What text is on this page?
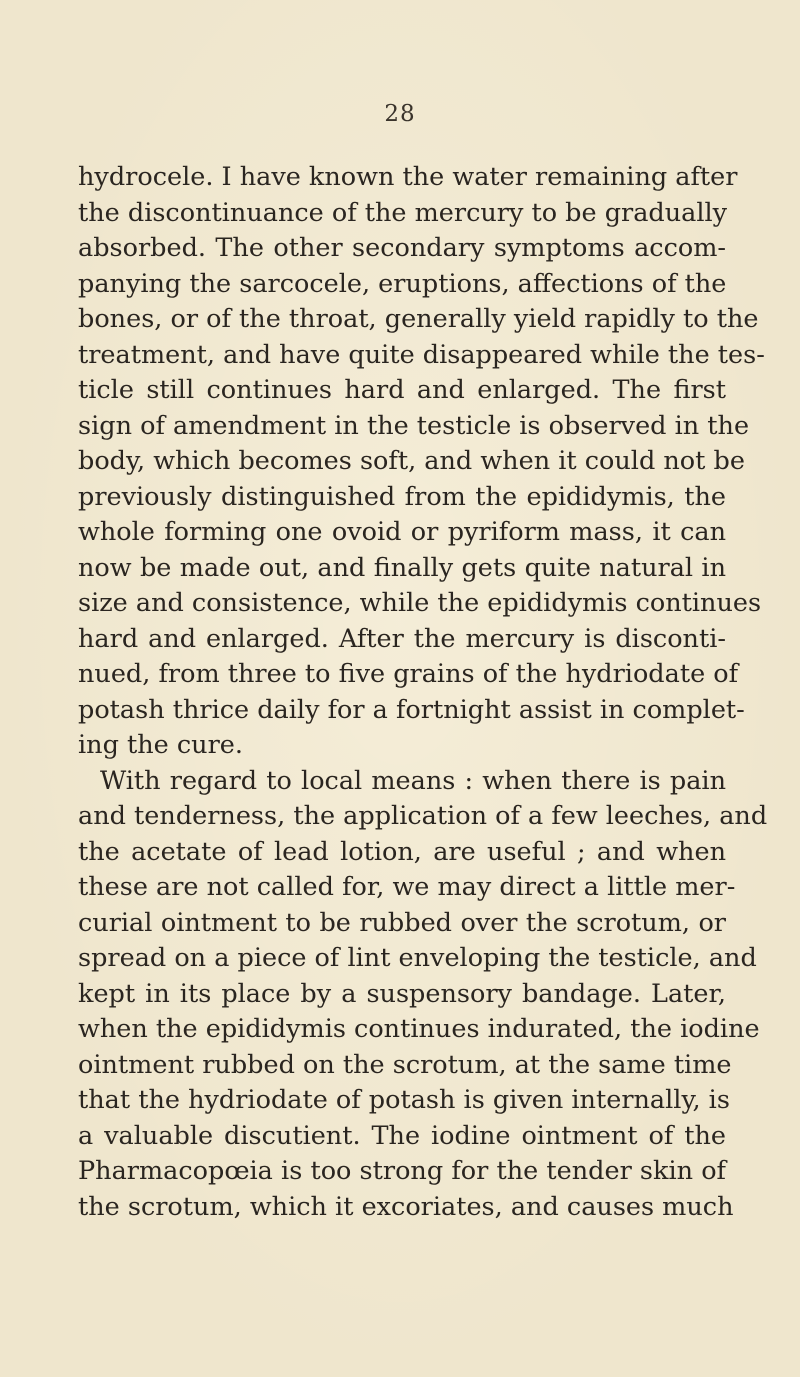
28
hydrocele. I have known the water remaining after
the discontinuance of the mercury to be gradually
absorbed. The other secondary symptoms accom-
panying the sarcocele, eruptions, affections of the
bones, or of the throat, generally yield rapidly to the
treatment, and have quite disappeared while the tes-
ticle still continues hard and enlarged. The first
sign of amendment in the testicle is observed in the
body, which becomes soft, and when it could not be
previously distinguished from the epididymis, the
whole forming one ovoid or pyriform mass, it can
now be made out, and finally gets quite natural in
size and consistence, while the epididymis continues
hard and enlarged. After the mercury is disconti-
nued, from three to five grains of the hydriodate of
potash thrice daily for a fortnight assist in complet-
ing the cure.
With regard to local means : when there is pain
and tenderness, the application of a few leeches, and
the acetate of lead lotion, are useful ; and when
these are not called for, we may direct a little mer-
curial ointment to be rubbed over the scrotum, or
spread on a piece of lint enveloping the testicle, and
kept in its place by a suspensory bandage. Later,
when the epididymis continues indurated, the iodine
ointment rubbed on the scrotum, at the same time
that the hydriodate of potash is given internally, is
a valuable discutient. The iodine ointment of the
Pharmacopœia is too strong for the tender skin of
the scrotum, which it excoriates, and causes much
